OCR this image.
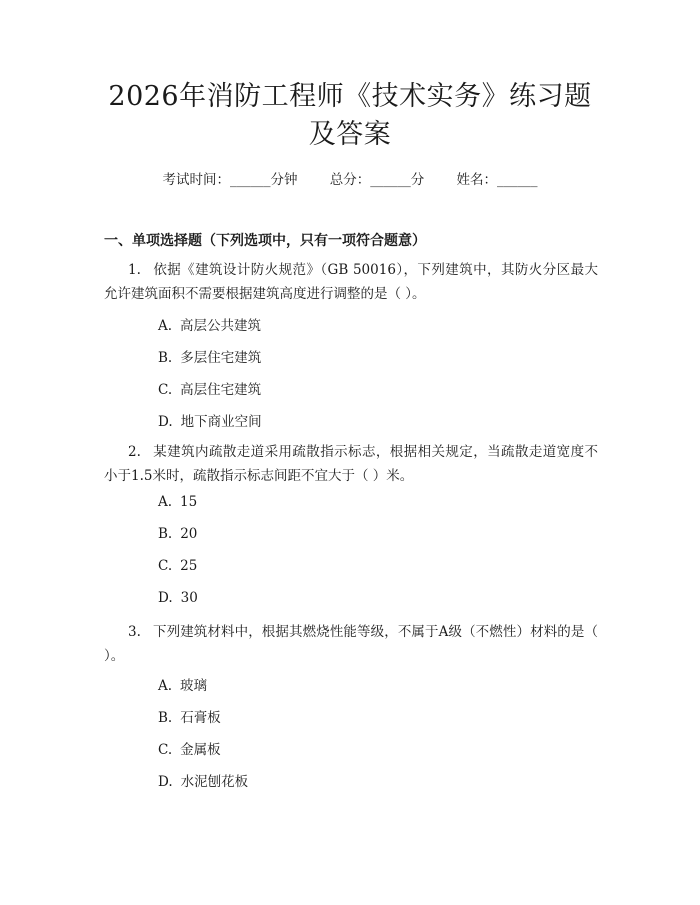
2026年消防工程师《技术实务》练习题及答案
考试时间：______分钟 总分：______分 姓名：______
一、单项选择题（下列选项中，只有一项符合题意）

1. 依据《建筑设计防火规范》（GB 50016），下列建筑中，其防火分区最大允许建筑面积不需要根据建筑高度进行调整的是（ ）。

A. 高层公共建筑
B. 多层住宅建筑
C. 高层住宅建筑
D. 地下商业空间

2. 某建筑内疏散走道采用疏散指示标志，根据相关规定，当疏散走道宽度不小于1.5米时，疏散指示标志间距不宜大于（ ）米。

A. 15
B. 20
C. 25
D. 30

3. 下列建筑材料中，根据其燃烧性能等级，不属于A级（不燃性）材料的是（ ）。

A. 玻璃
B. 石膏板
C. 金属板
D. 水泥刨花板
